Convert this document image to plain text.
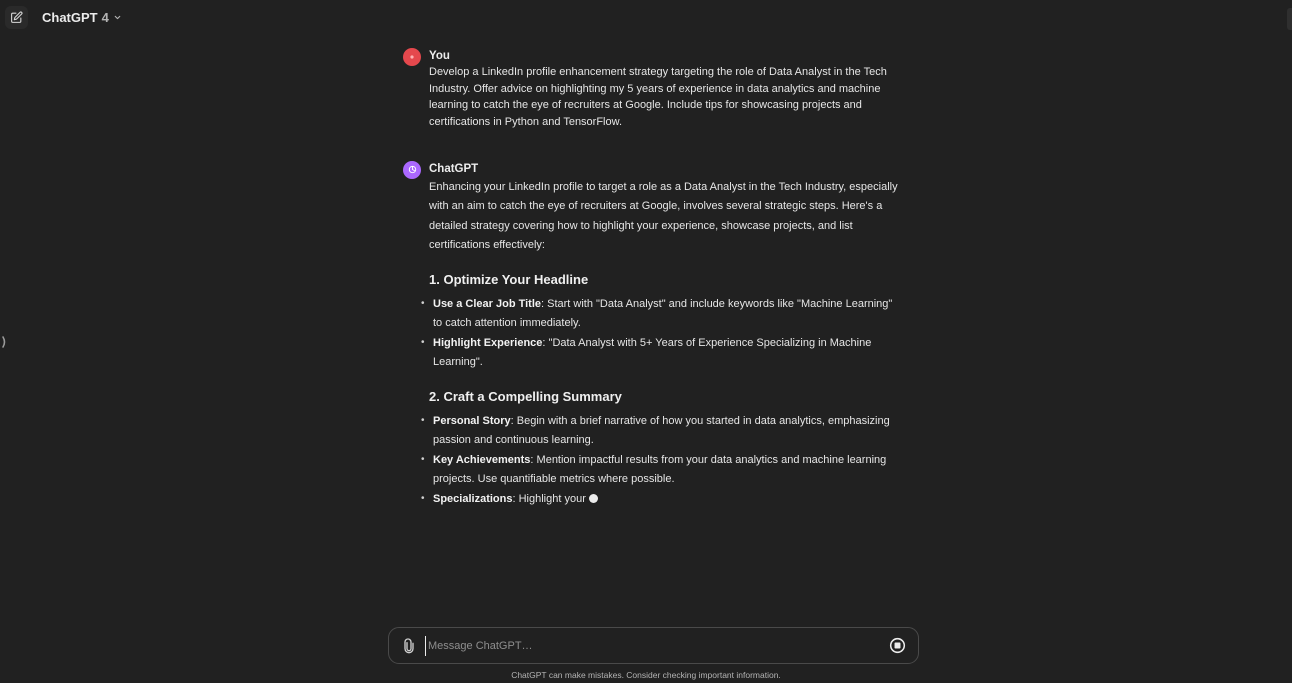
ChatGPT 4
You
Develop a LinkedIn profile enhancement strategy targeting the role of Data Analyst in the Tech Industry. Offer advice on highlighting my 5 years of experience in data analytics and machine learning to catch the eye of recruiters at Google. Include tips for showcasing projects and certifications in Python and TensorFlow.
ChatGPT
Enhancing your LinkedIn profile to target a role as a Data Analyst in the Tech Industry, especially with an aim to catch the eye of recruiters at Google, involves several strategic steps. Here's a detailed strategy covering how to highlight your experience, showcase projects, and list certifications effectively:
1. Optimize Your Headline
• Use a Clear Job Title: Start with "Data Analyst" and include keywords like "Machine Learning" to catch attention immediately.
• Highlight Experience: "Data Analyst with 5+ Years of Experience Specializing in Machine Learning".
2. Craft a Compelling Summary
• Personal Story: Begin with a brief narrative of how you started in data analytics, emphasizing passion and continuous learning.
• Key Achievements: Mention impactful results from your data analytics and machine learning projects. Use quantifiable metrics where possible.
• Specializations: Highlight your
Message ChatGPT…
ChatGPT can make mistakes. Consider checking important information.
